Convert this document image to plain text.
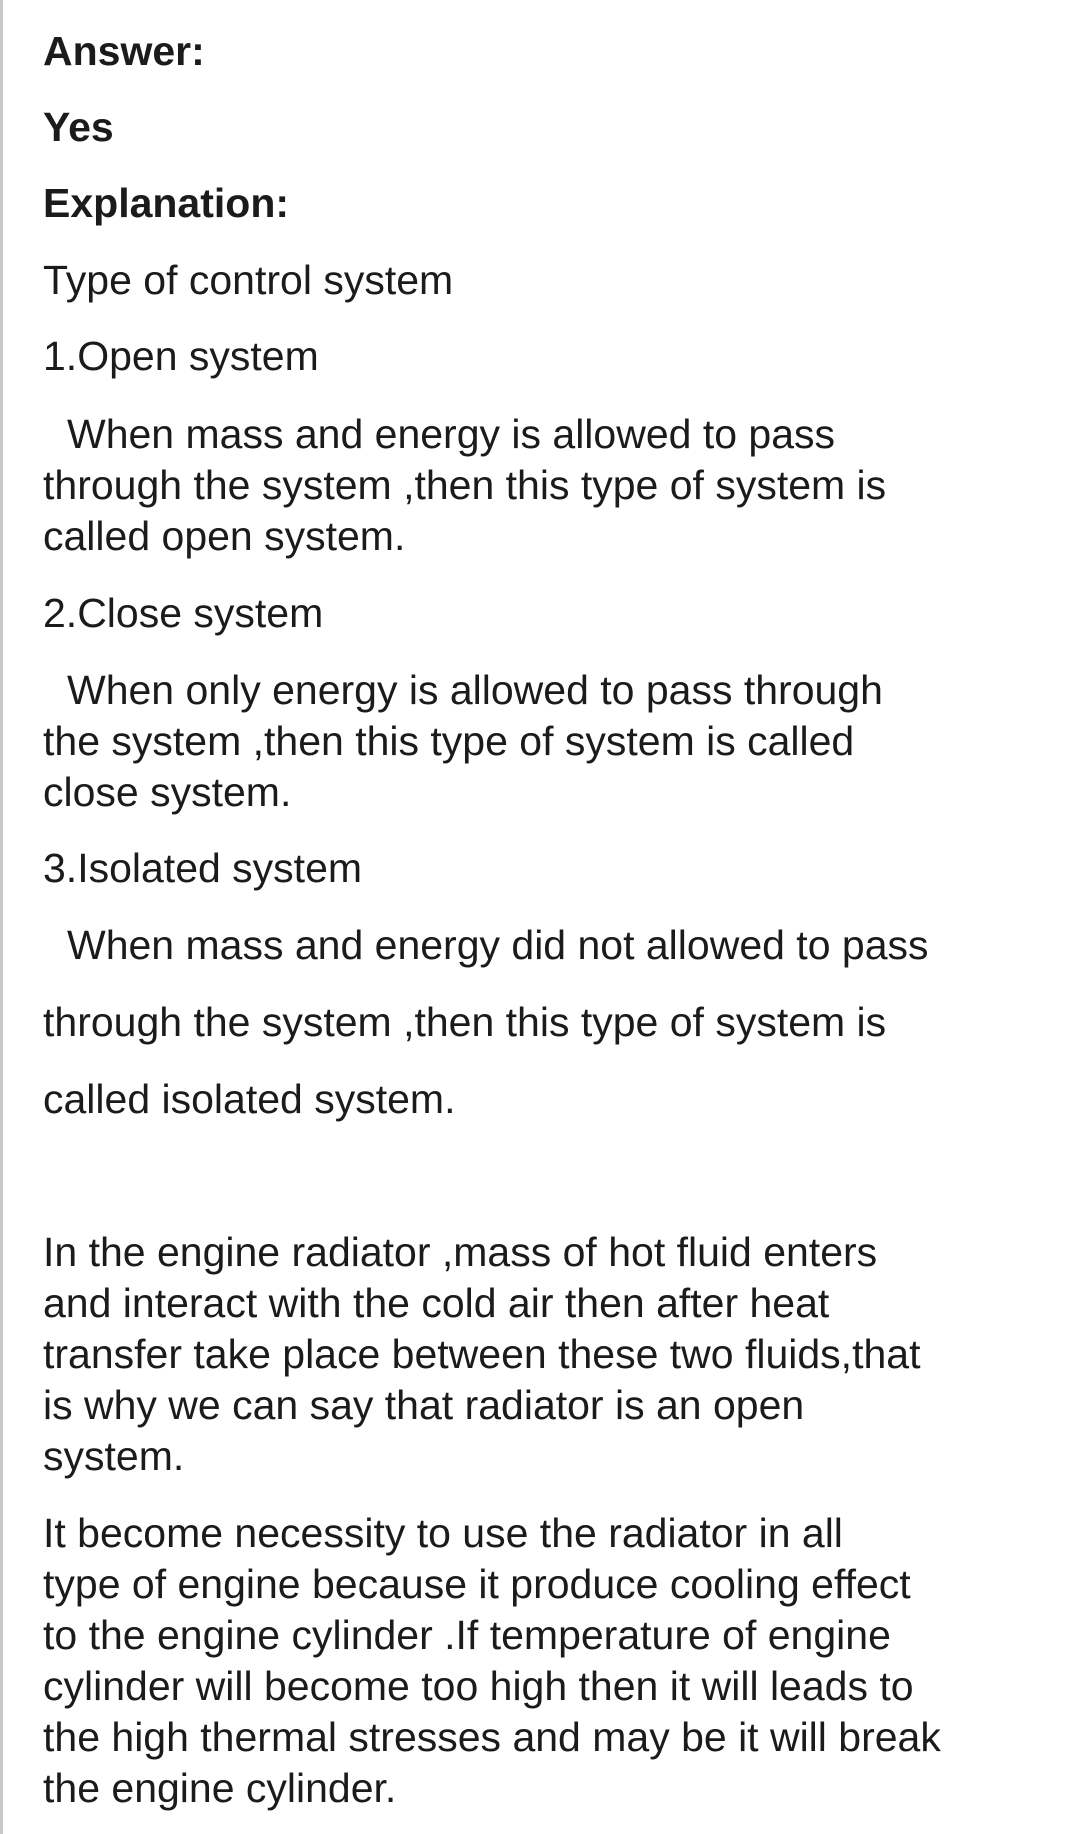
Answer:

Yes

Explanation:

Type of control system

1.Open system

When mass and energy is allowed to pass

through the system ,then this type of system is

called open system.

2.Close system

When only energy is allowed to pass through

the system ,then this type of system is called

close system.

3.Isolated system

When mass and energy did not allowed to pass

through the system ,then this type of system is

called isolated system.

In the engine radiator ,mass of hot fluid enters

and interact with the cold air then after heat

transfer take place between these two fluids,that

is why we can say that radiator is an open

system.

It become necessity to use the radiator in all

type of engine because it produce cooling effect

to the engine cylinder .If temperature of engine

cylinder will become too high then it will leads to

the high thermal stresses and may be it will break

the engine cylinder.
